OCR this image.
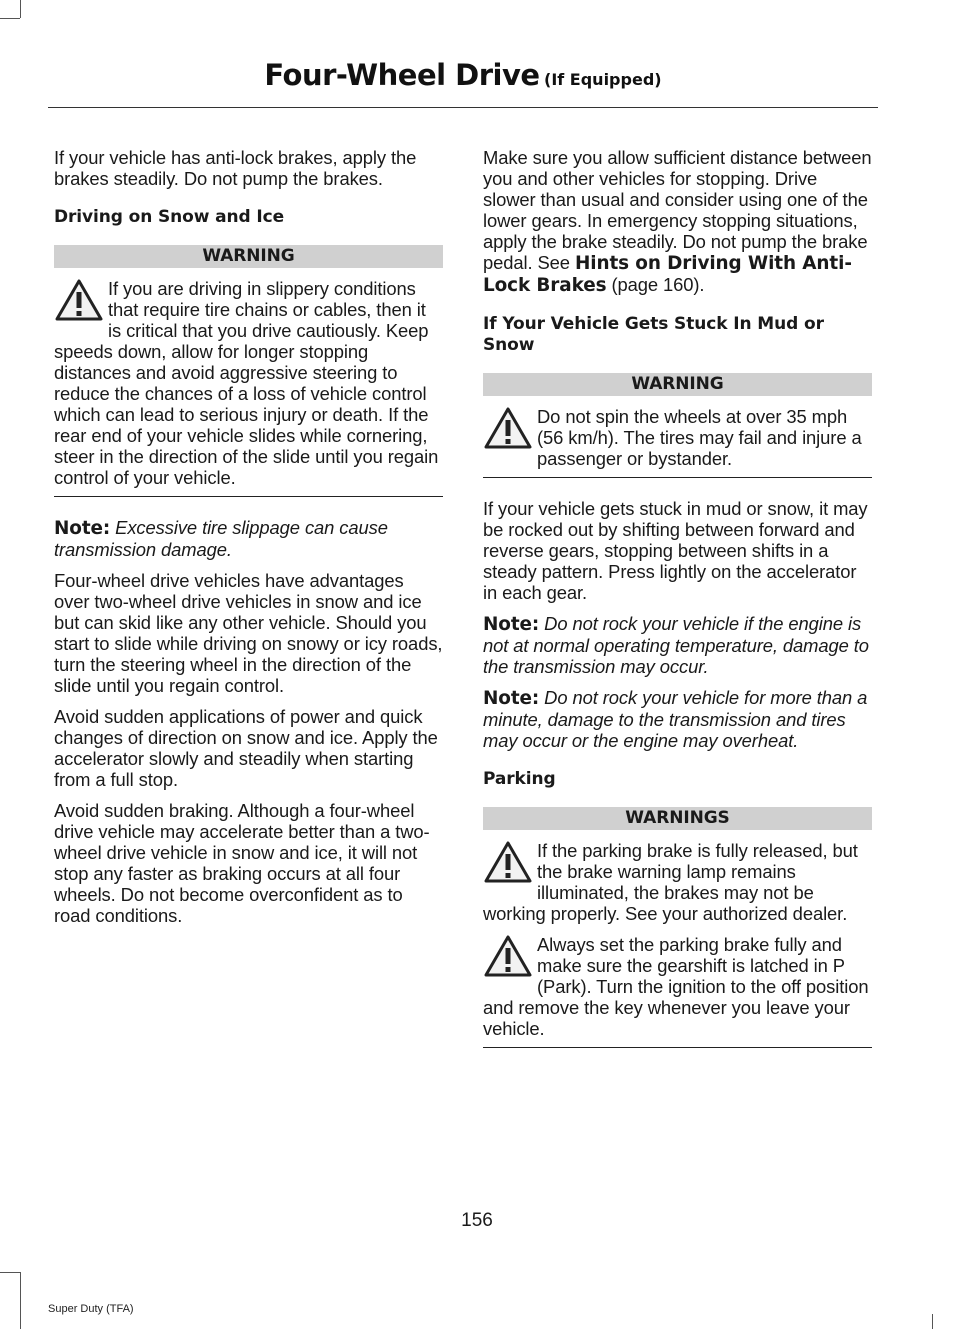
Four-Wheel Drive (If Equipped)

If your vehicle has anti-lock brakes, apply the brakes steadily. Do not pump the brakes.

Driving on Snow and Ice
WARNING
If you are driving in slippery conditions that require tire chains or cables, then it is critical that you drive cautiously. Keep speeds down, allow for longer stopping distances and avoid aggressive steering to reduce the chances of a loss of vehicle control which can lead to serious injury or death. If the rear end of your vehicle slides while cornering, steer in the direction of the slide until you regain control of your vehicle.

Note: Excessive tire slippage can cause transmission damage.

Four-wheel drive vehicles have advantages over two-wheel drive vehicles in snow and ice but can skid like any other vehicle. Should you start to slide while driving on snowy or icy roads, turn the steering wheel in the direction of the slide until you regain control.

Avoid sudden applications of power and quick changes of direction on snow and ice. Apply the accelerator slowly and steadily when starting from a full stop.

Avoid sudden braking. Although a four-wheel drive vehicle may accelerate better than a two-wheel drive vehicle in snow and ice, it will not stop any faster as braking occurs at all four wheels. Do not become overconfident as to road conditions.

Make sure you allow sufficient distance between you and other vehicles for stopping. Drive slower than usual and consider using one of the lower gears. In emergency stopping situations, apply the brake steadily. Do not pump the brake pedal. See Hints on Driving With Anti-Lock Brakes (page 160).

If Your Vehicle Gets Stuck In Mud or Snow
WARNING
Do not spin the wheels at over 35 mph (56 km/h). The tires may fail and injure a passenger or bystander.

If your vehicle gets stuck in mud or snow, it may be rocked out by shifting between forward and reverse gears, stopping between shifts in a steady pattern. Press lightly on the accelerator in each gear.

Note: Do not rock your vehicle if the engine is not at normal operating temperature, damage to the transmission may occur.

Note: Do not rock your vehicle for more than a minute, damage to the transmission and tires may occur or the engine may overheat.

Parking
WARNINGS
If the parking brake is fully released, but the brake warning lamp remains illuminated, the brakes may not be working properly. See your authorized dealer.
Always set the parking brake fully and make sure the gearshift is latched in P (Park). Turn the ignition to the off position and remove the key whenever you leave your vehicle.
156
Super Duty (TFA)
